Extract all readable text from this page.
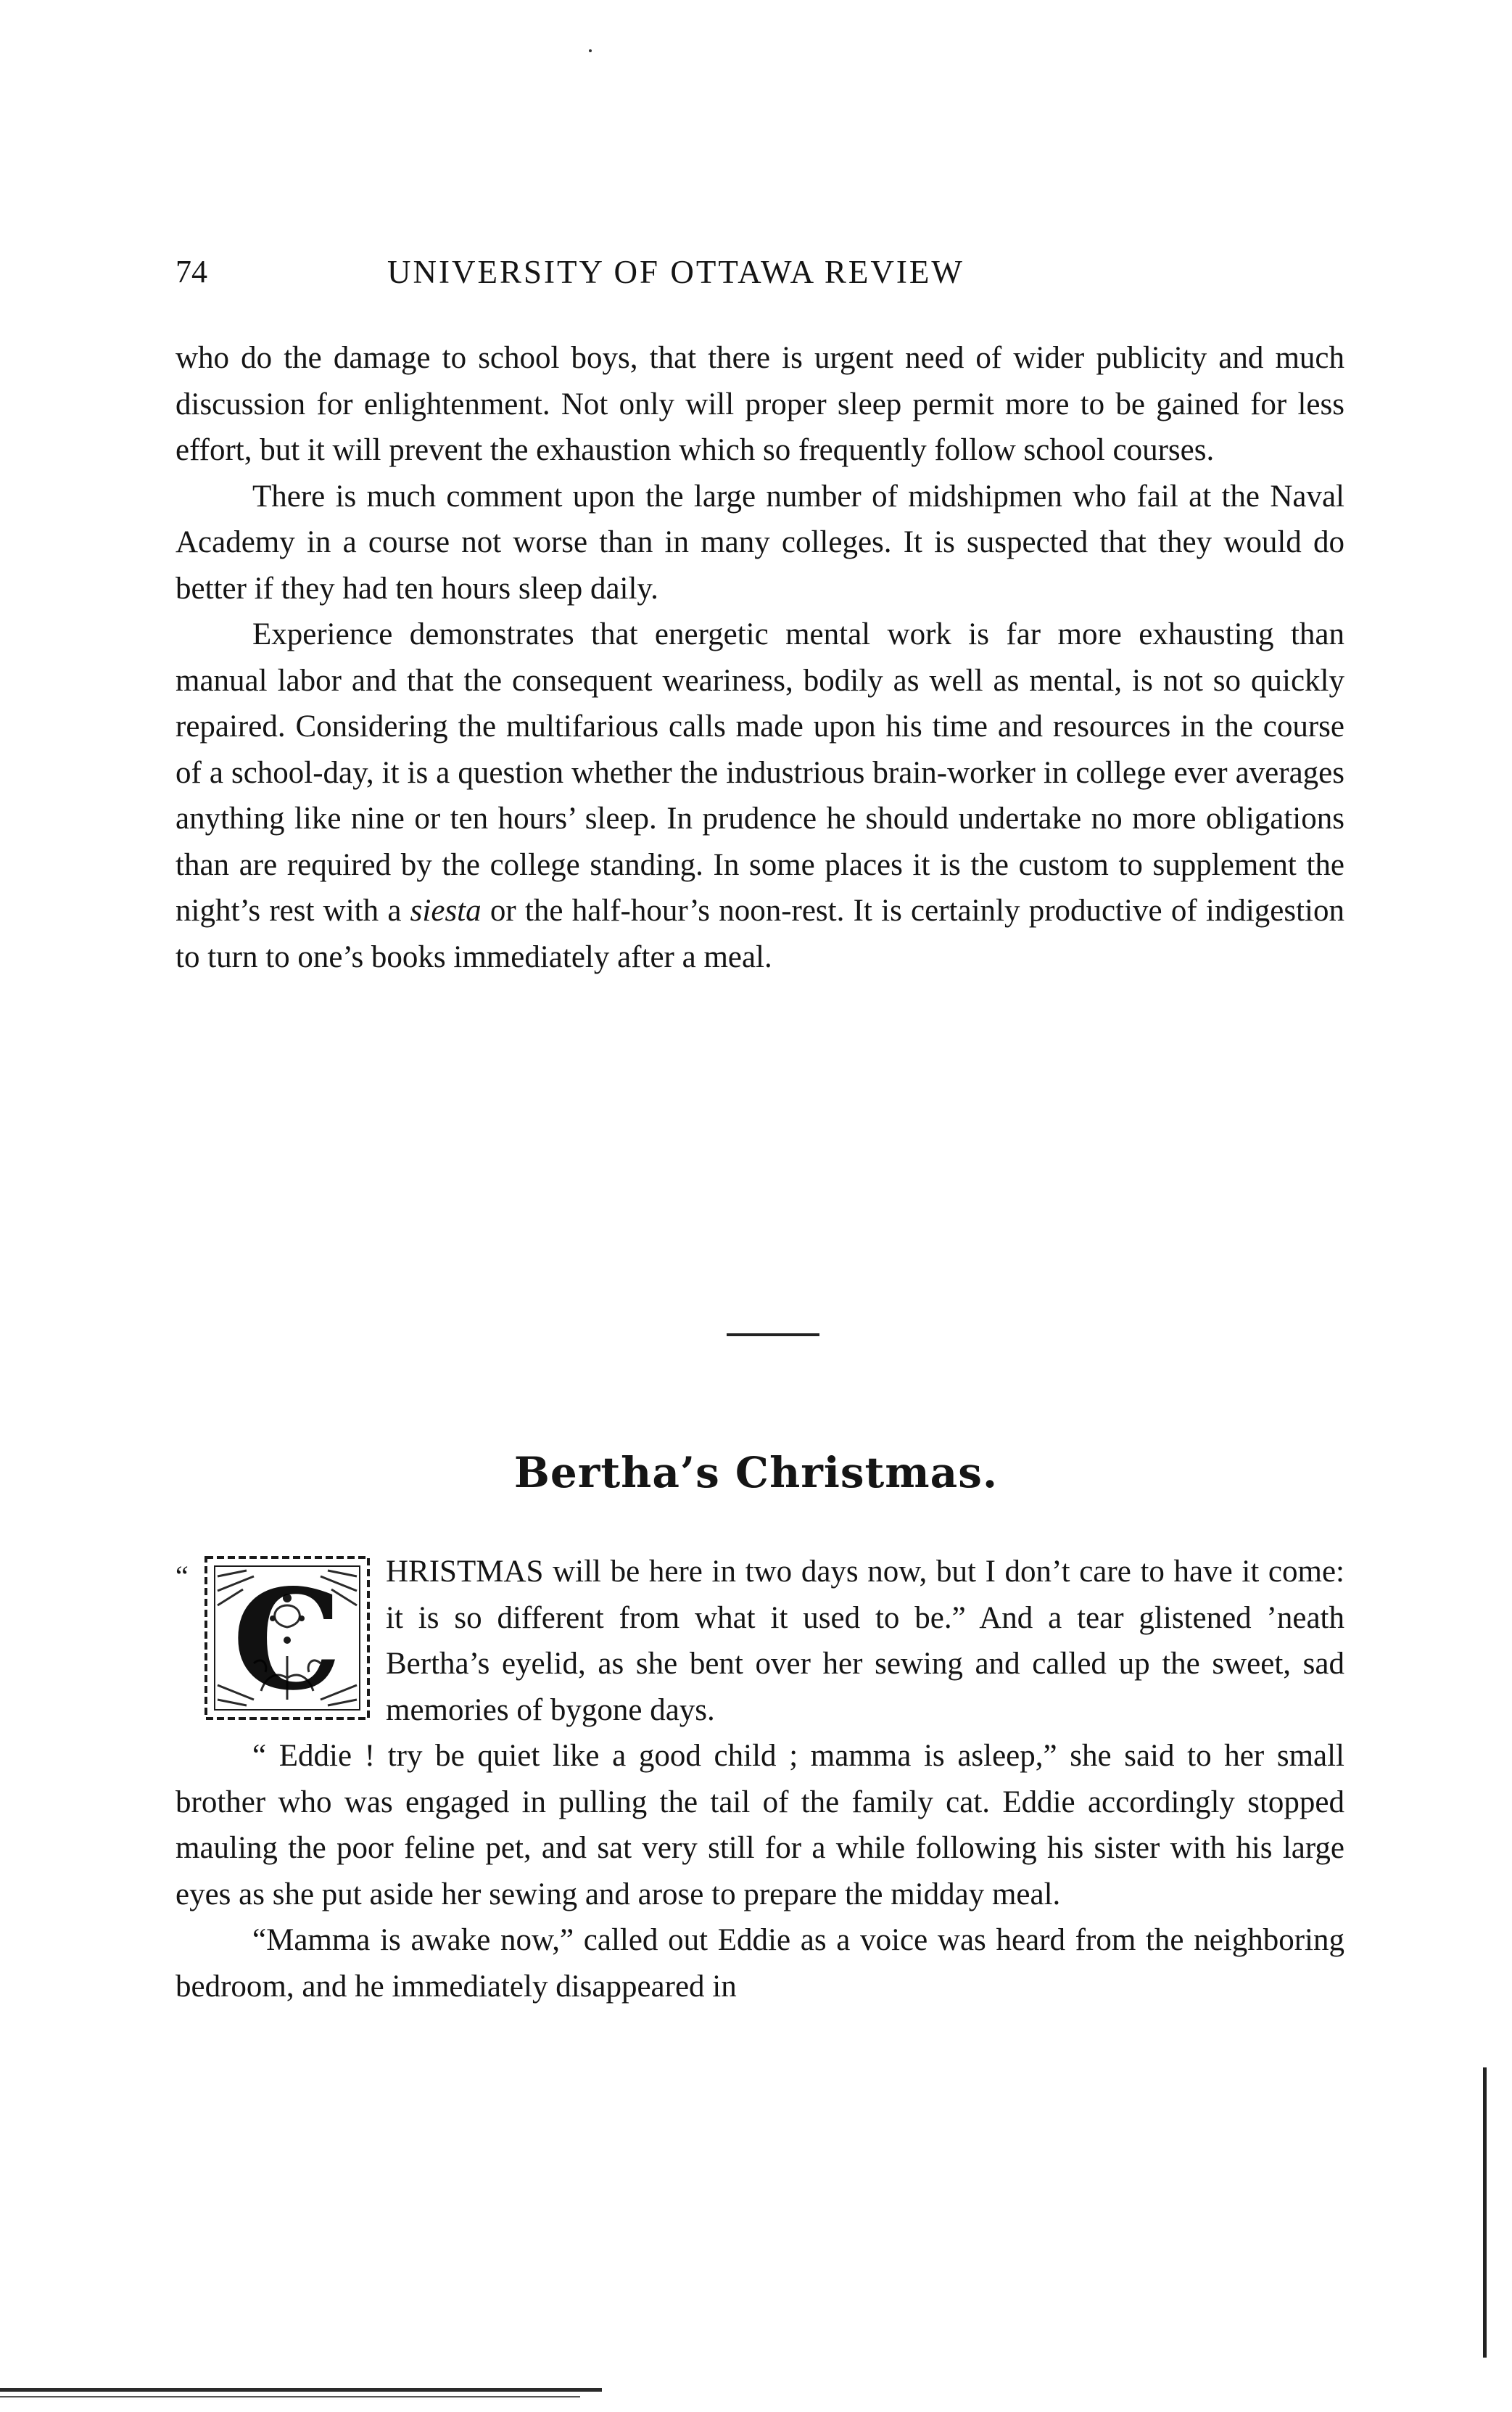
74	UNIVERSITY OF OTTAWA REVIEW

who do the damage to school boys, that there is urgent need of wider publicity and much discussion for enlightenment. Not only will proper sleep permit more to be gained for less effort, but it will prevent the exhaustion which so frequently follow school courses.

There is much comment upon the large number of midshipmen who fail at the Naval Academy in a course not worse than in many colleges. It is suspected that they would do better if they had ten hours sleep daily.

Experience demonstrates that energetic mental work is far more exhausting than manual labor and that the consequent weariness, bodily as well as mental, is not so quickly repaired. Considering the multifarious calls made upon his time and resources in the course of a school-day, it is a question whether the industrious brain-worker in college ever averages anything like nine or ten hours’ sleep. In prudence he should undertake no more obligations than are required by the college standing. In some places it is the custom to supplement the night’s rest with a siesta or the half-hour’s noon-rest. It is certainly productive of indigestion to turn to one’s books immediately after a meal.

Bertha’s Christmas.
“ C	HRISTMAS will be here in two days now, but I don’t care to have it come: it is so different from what it used to be.” And a tear glistened ’neath Bertha’s eyelid, as she bent over her sewing and called up the sweet, sad memories of bygone days.

“ Eddie ! try be quiet like a good child ; mamma is asleep,” she said to her small brother who was engaged in pulling the tail of the family cat. Eddie accordingly stopped mauling the poor feline pet, and sat very still for a while following his sister with his large eyes as she put aside her sewing and arose to prepare the midday meal.

“Mamma is awake now,” called out Eddie as a voice was heard from the neighboring bedroom, and he immediately disappeared in
